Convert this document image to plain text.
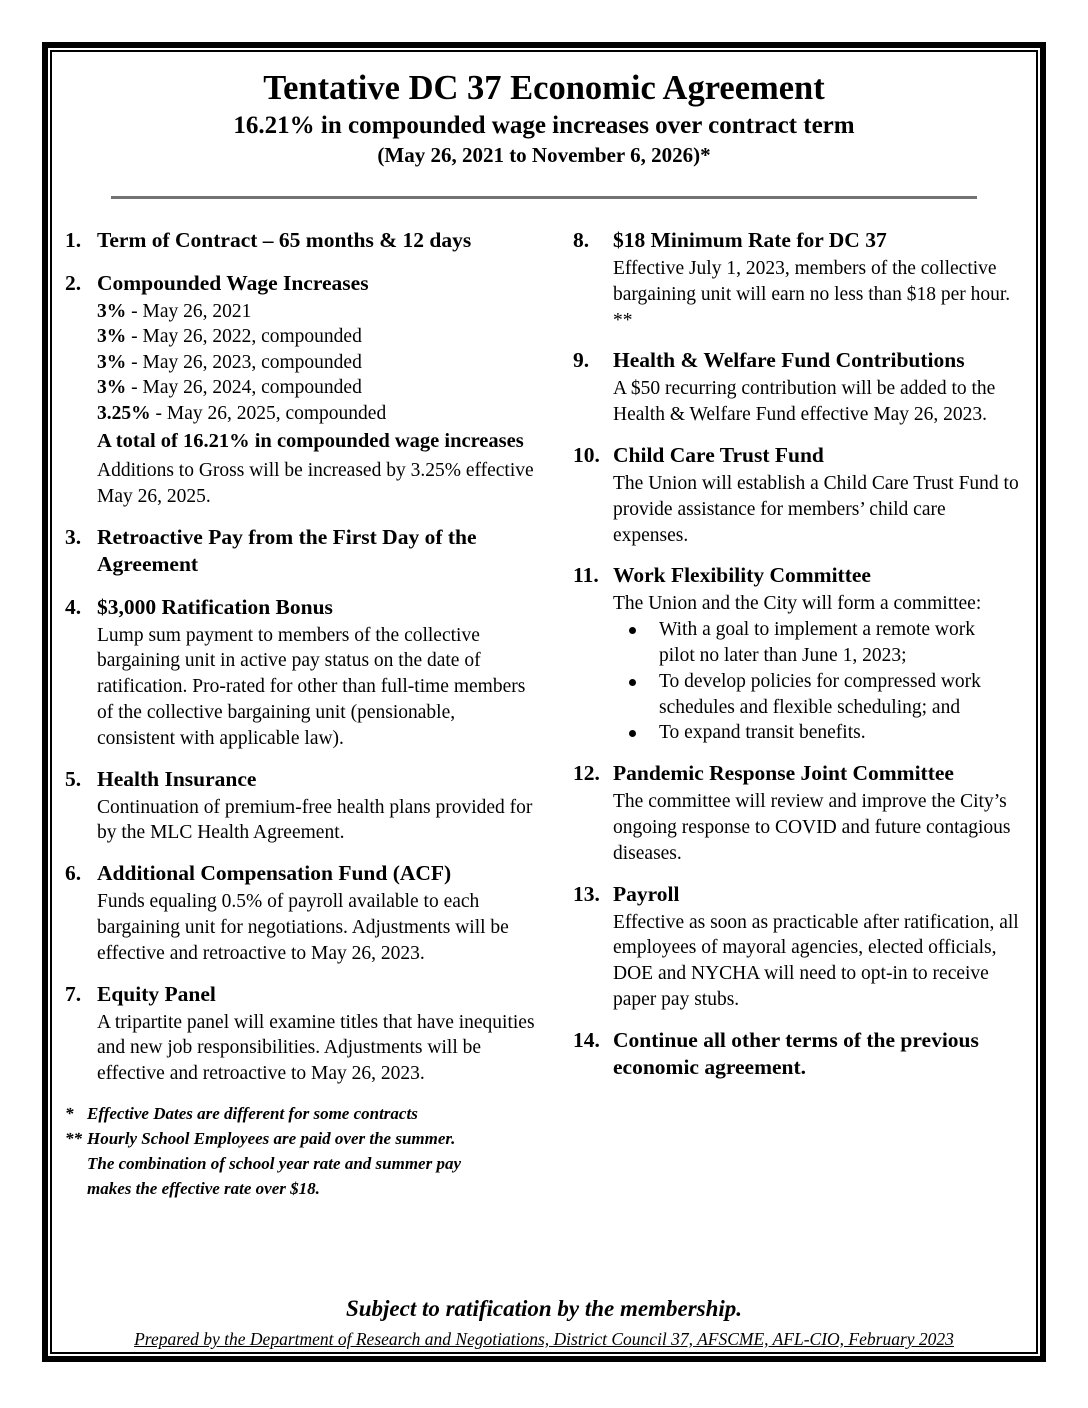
Tentative DC 37 Economic Agreement
16.21% in compounded wage increases over contract term
(May 26, 2021 to November 6, 2026)*
1. Term of Contract – 65 months & 12 days
2. Compounded Wage Increases
3% - May 26, 2021
3% - May 26, 2022, compounded
3% - May 26, 2023, compounded
3% - May 26, 2024, compounded
3.25% - May 26, 2025, compounded
A total of 16.21% in compounded wage increases
Additions to Gross will be increased by 3.25% effective May 26, 2025.
3. Retroactive Pay from the First Day of the Agreement
4. $3,000 Ratification Bonus
Lump sum payment to members of the collective bargaining unit in active pay status on the date of ratification. Pro-rated for other than full-time members of the collective bargaining unit (pensionable, consistent with applicable law).
5. Health Insurance
Continuation of premium-free health plans provided for by the MLC Health Agreement.
6. Additional Compensation Fund (ACF)
Funds equaling 0.5% of payroll available to each bargaining unit for negotiations. Adjustments will be effective and retroactive to May 26, 2023.
7. Equity Panel
A tripartite panel will examine titles that have inequities and new job responsibilities. Adjustments will be effective and retroactive to May 26, 2023.
* Effective Dates are different for some contracts
** Hourly School Employees are paid over the summer. The combination of school year rate and summer pay makes the effective rate over $18.
8.	$18 Minimum Rate for DC 37
Effective July 1, 2023, members of the collective bargaining unit will earn no less than $18 per hour. **
9.	Health & Welfare Fund Contributions
A $50 recurring contribution will be added to the Health & Welfare Fund effective May 26, 2023.
10. Child Care Trust Fund
The Union will establish a Child Care Trust Fund to provide assistance for members’ child care expenses.
11. Work Flexibility Committee
The Union and the City will form a committee:
With a goal to implement a remote work pilot no later than June 1, 2023;
To develop policies for compressed work schedules and flexible scheduling; and
To expand transit benefits.
12. Pandemic Response Joint Committee
The committee will review and improve the City’s ongoing response to COVID and future contagious diseases.
13. Payroll
Effective as soon as practicable after ratification, all employees of mayoral agencies, elected officials, DOE and NYCHA will need to opt-in to receive paper pay stubs.
14. Continue all other terms of the previous economic agreement.
Subject to ratification by the membership.
Prepared by the Department of Research and Negotiations, District Council 37, AFSCME, AFL-CIO, February 2023
